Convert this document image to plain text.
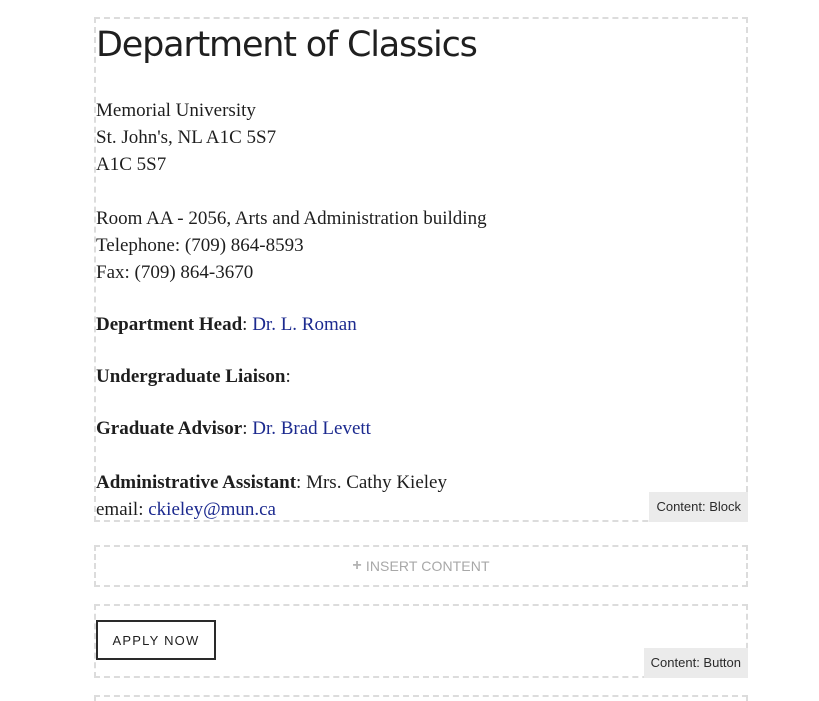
Department of Classics
Memorial University
St. John's, NL A1C 5S7
A1C 5S7
Room AA - 2056, Arts and Administration building
Telephone: (709) 864-8593
Fax: (709) 864-3670
Department Head: Dr. L. Roman
Undergraduate Liaison:
Graduate Advisor: Dr. Brad Levett
Administrative Assistant: Mrs. Cathy Kieley
email: ckieley@mun.ca	Content: Block
+ INSERT CONTENT
APPLY NOW
Content: Button
